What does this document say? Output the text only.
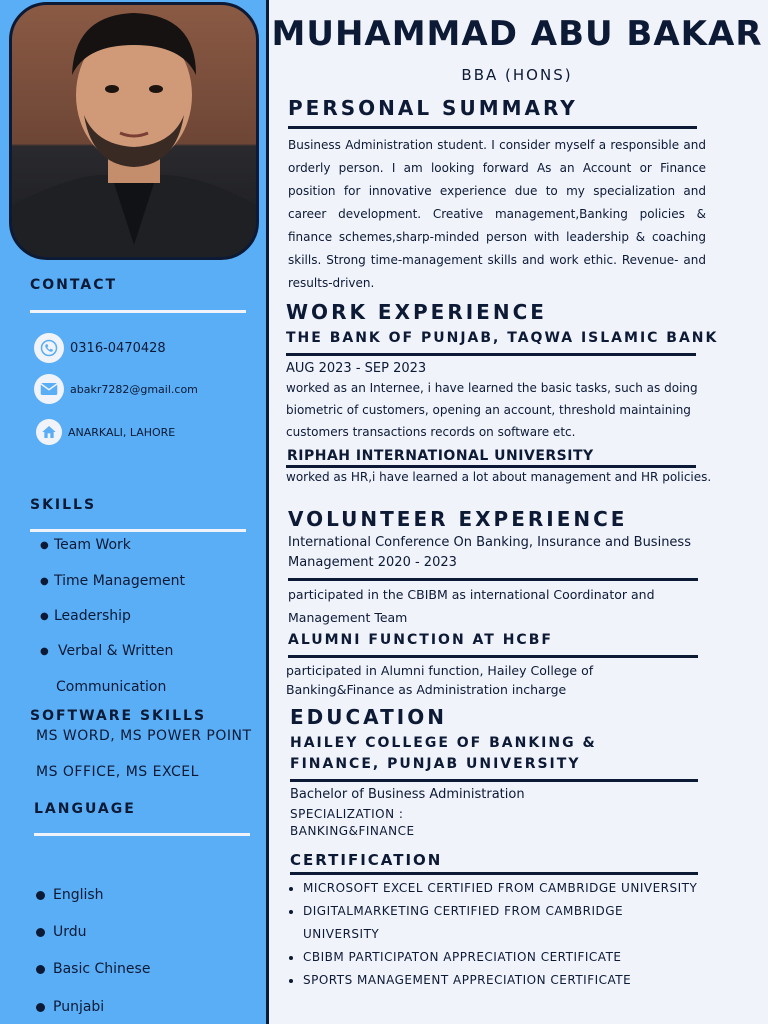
CONTACT
0316-0470428
abakr7282@gmail.com
ANARKALI, LAHORE
SKILLS
● Team Work
● Time Management
● Leadership
● Verbal & Written
Communication
SOFTWARE SKILLS
MS WORD, MS POWER POINT
MS OFFICE, MS EXCEL
LANGUAGE
English
Urdu
Basic Chinese
Punjabi
MUHAMMAD ABU BAKAR
BBA (HONS)
PERSONAL SUMMARY

Business Administration student. I consider myself a responsible and orderly person. I am looking forward As an Account or Finance position for innovative experience due to my specialization and career development. Creative management,Banking policies & finance schemes,sharp-minded person with leadership & coaching skills. Strong time-management skills and work ethic. Revenue- and results-driven.

WORK EXPERIENCE
THE BANK OF PUNJAB, TAQWA ISLAMIC BANK

AUG 2023 - SEP 2023

worked as an Internee, i have learned the basic tasks, such as doing biometric of customers, opening an account, threshold maintaining customers transactions records on software etc.

RIPHAH INTERNATIONAL UNIVERSITY

worked as HR,i have learned a lot about management and HR policies.

VOLUNTEER EXPERIENCE

International Conference On Banking, Insurance and Business Management 2020 - 2023

participated in the CBIBM as international Coordinator and Management Team

ALUMNI FUNCTION AT HCBF

participated in Alumni function, Hailey College of Banking&Finance as Administration incharge

EDUCATION
HAILEY COLLEGE OF BANKING & FINANCE, PUNJAB UNIVERSITY

Bachelor of Business Administration

SPECIALIZATION :

BANKING&FINANCE

CERTIFICATION
• MICROSOFT EXCEL CERTIFIED FROM CAMBRIDGE UNIVERSITY
• DIGITALMARKETING CERTIFIED FROM CAMBRIDGE UNIVERSITY
• CBIBM PARTICIPATON APPRECIATION CERTIFICATE
• SPORTS MANAGEMENT APPRECIATION CERTIFICATE
